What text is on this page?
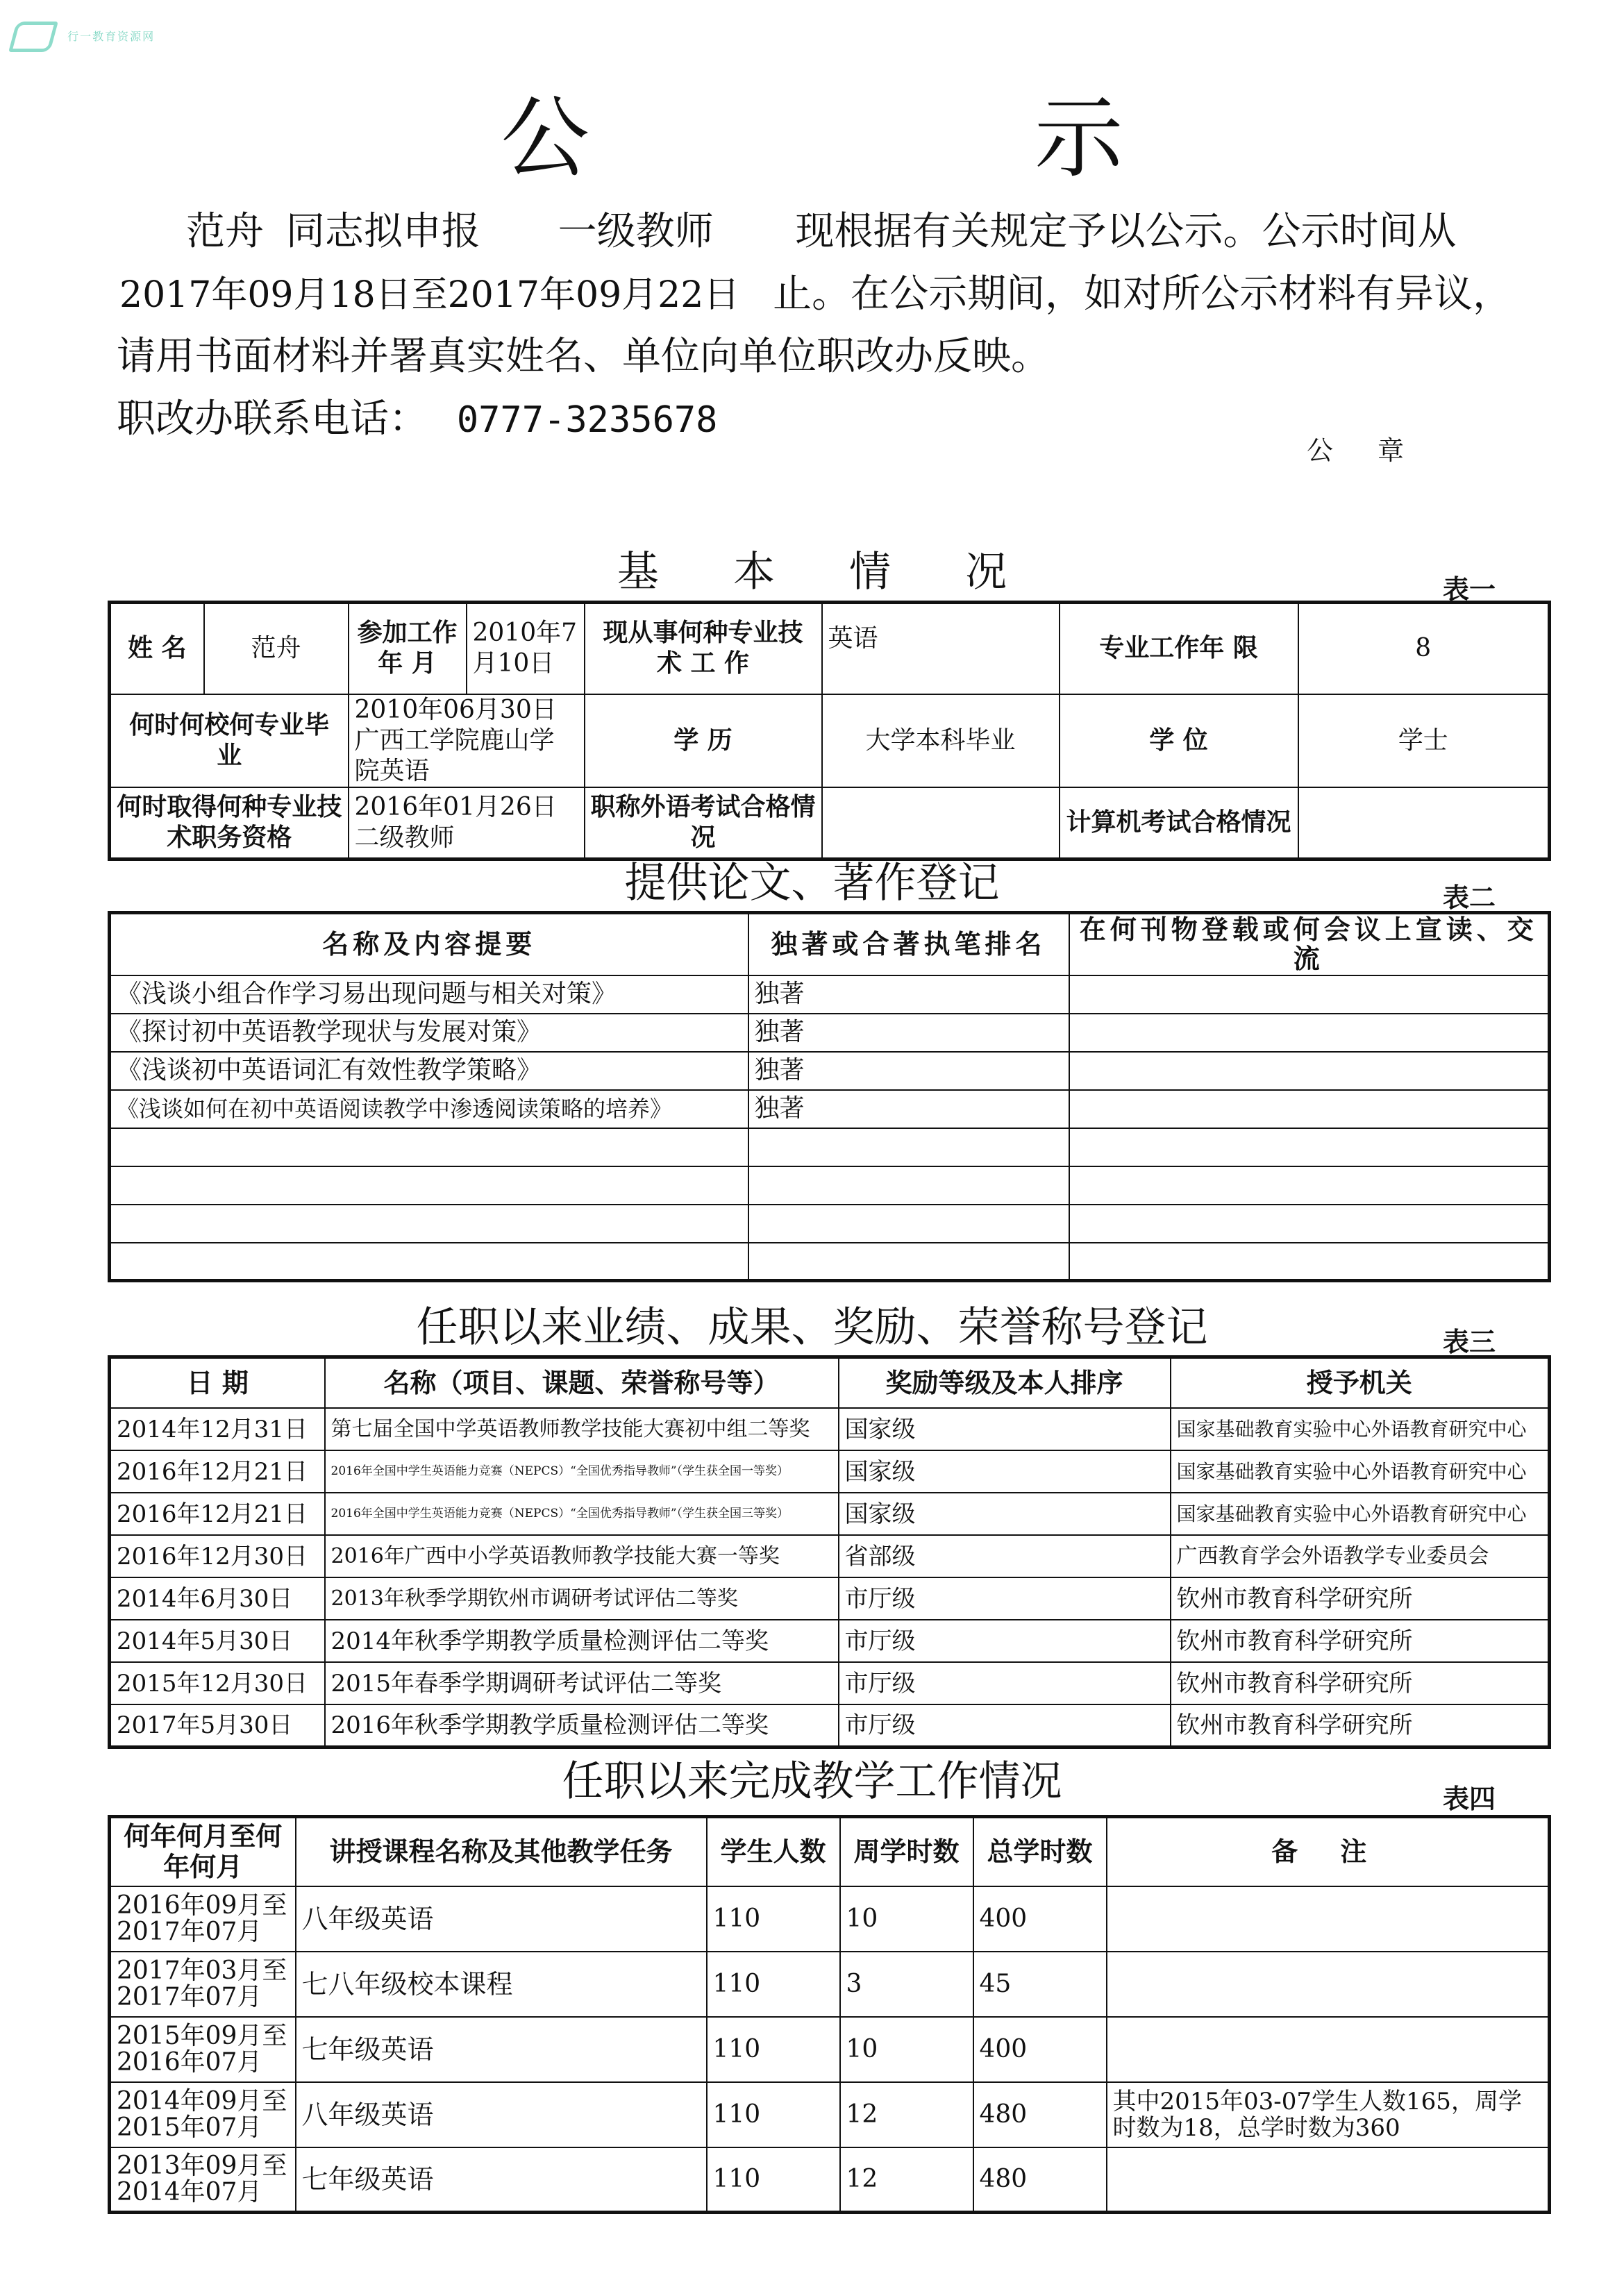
行一教育资源网
公 示
范舟 同志拟申报 一级教师 现根据有关规定予以公示。公示时间从
2017年09月18日至2017年09月22日 止。在公示期间，如对所公示材料有异议，
请用书面材料并署真实姓名、单位向单位职改办反映。
职改办联系电话： 0777-3235678
公章
基 本 情 况	表一
姓 名	范舟	参加工作年 月	2010年7月10日	现从事何种专业技 术 工 作	英语	专业工作年 限	8
何时何校何专业毕 业		2010年06月30日广西工学院鹿山学院英语		学 历	大学本科毕业	学 位	学士
何时取得何种专业技术职务资格		2016年01月26日二级教师		职称外语考试合格情况		计算机考试合格情况	
提供论文、著作登记	表二
名称及内容提要	独著或合著执笔排名	在何刊物登载或何会议上宣读、交流
《浅谈小组合作学习易出现问题与相关对策》	独著	
《探讨初中英语教学现状与发展对策》	独著	
《浅谈初中英语词汇有效性教学策略》	独著	
《浅谈如何在初中英语阅读教学中渗透阅读策略的培养》	独著	

任职以来业绩、成果、奖励、荣誉称号登记	表三
日 期	名称（项目、课题、荣誉称号等）	奖励等级及本人排序	授予机关
2014年12月31日	第七届全国中学英语教师教学技能大赛初中组二等奖	国家级	国家基础教育实验中心外语教育研究中心
2016年12月21日	2016年全国中学生英语能力竞赛（NEPCS）“全国优秀指导教师”（学生获全国一等奖）	国家级	国家基础教育实验中心外语教育研究中心
2016年12月21日	2016年全国中学生英语能力竞赛（NEPCS）“全国优秀指导教师”（学生获全国三等奖）	国家级	国家基础教育实验中心外语教育研究中心
2016年12月30日	2016年广西中小学英语教师教学技能大赛一等奖	省部级	广西教育学会外语教学专业委员会
2014年6月30日	2013年秋季学期钦州市调研考试评估二等奖	市厅级	钦州市教育科学研究所
2014年5月30日	2014年秋季学期教学质量检测评估二等奖	市厅级	钦州市教育科学研究所
2015年12月30日	2015年春季学期调研考试评估二等奖	市厅级	钦州市教育科学研究所
2017年5月30日	2016年秋季学期教学质量检测评估二等奖	市厅级	钦州市教育科学研究所
任职以来完成教学工作情况	表四
何年何月至何年何月	讲授课程名称及其他教学任务	学生人数	周学时数	总学时数	备 注
2016年09月至2017年07月	八年级英语	110	10	400	
2017年03月至2017年07月	七八年级校本课程	110	3	45	
2015年09月至2016年07月	七年级英语	110	10	400	
2014年09月至2015年07月	八年级英语	110	12	480	其中2015年03-07学生人数165，周学时数为18，总学时数为360
2013年09月至2014年07月	七年级英语	110	12	480	
